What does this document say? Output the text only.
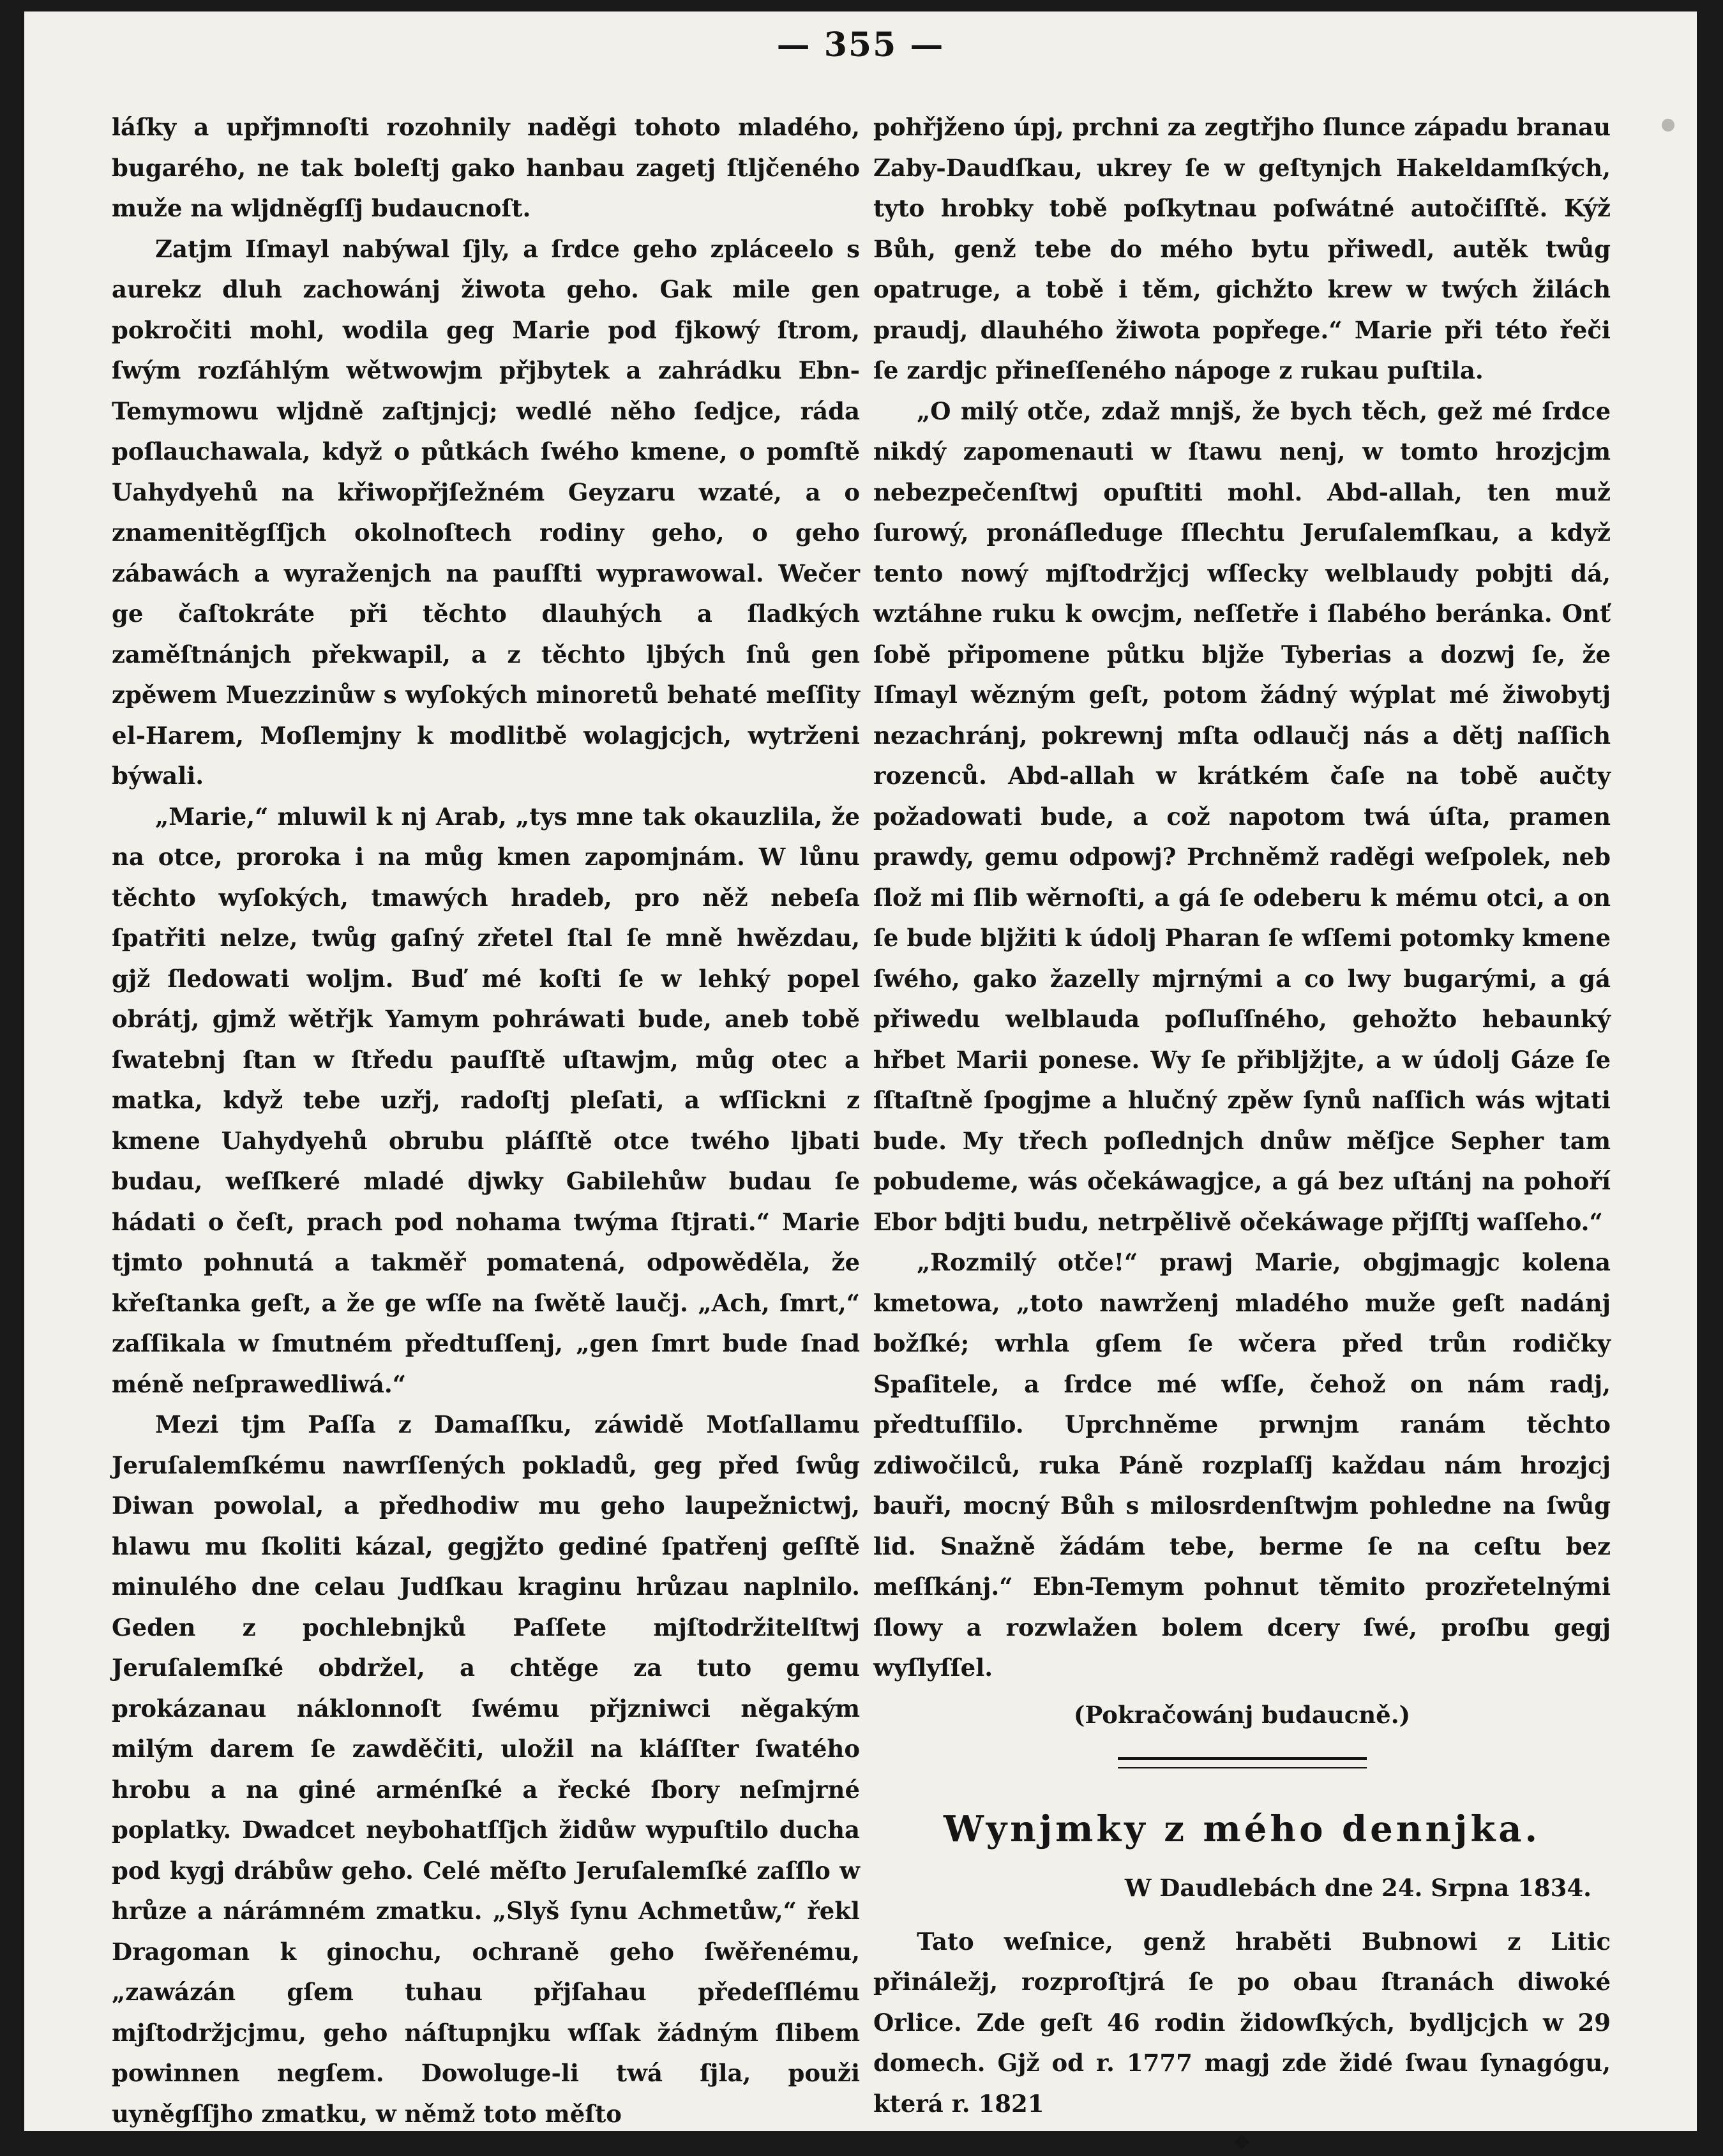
— 355 —

láſky a upřjmnoſti rozohnily naděgi tohoto mladého, bugarého, ne tak boleſtj gako hanbau zagetj ſtljčeného muže na wljdněgſſj budaucnoſt.

Zatjm Iſmayl nabýwal ſjly, a ſrdce geho zpláceelo s aurekz dluh zachowánj žiwota geho. Gak mile gen pokročiti mohl, wodila geg Marie pod fjkowý ſtrom, ſwým rozſáhlým wětwowjm přjbytek a zahrádku Ebn-Temymowu wljdně zaſtjnjcj; wedlé něho ſedjce, ráda poſlauchawala, když o půtkách ſwého kmene, o pomſtě Uahydyehů na křiwopřjſežném Geyzaru wzaté, a o znamenitěgſſjch okolnoſtech rodiny geho, o geho zábawách a wyraženjch na pauſſti wyprawowal. Wečer ge čaſtokráte při těchto dlauhých a ſladkých zaměſtnánjch překwapil, a z těchto ljbých ſnů gen zpěwem Muezzinůw s wyſokých minoretů behaté meſſity el-Harem, Moſlemjny k modlitbě wolagjcjch, wytrženi býwali.

„Marie,“ mluwil k nj Arab, „tys mne tak okauzlila, že na otce, proroka i na můg kmen zapomjnám. W lůnu těchto wyſokých, tmawých hradeb, pro něž nebeſa ſpatřiti nelze, twůg gaſný zřetel ſtal ſe mně hwězdau, gjž ſledowati woljm. Buď mé koſti ſe w lehký popel obrátj, gjmž wětřjk Yamym pohráwati bude, aneb tobě ſwatebnj ſtan w ſtředu pauſſtě uſtawjm, můg otec a matka, když tebe uzřj, radoſtj pleſati, a wſſickni z kmene Uahydyehů obrubu pláſſtě otce twého ljbati budau, weſſkeré mladé djwky Gabilehůw budau ſe hádati o čeſt, prach pod nohama twýma ſtjrati.“ Marie tjmto pohnutá a takměř pomatená, odpowěděla, že křeſtanka geſt, a že ge wſſe na ſwětě laučj. „Ach, ſmrt,“ zaſſikala w ſmutném předtuſſenj, „gen ſmrt bude ſnad méně neſprawedliwá.“

Mezi tjm Paſſa z Damaſſku, záwidě Motſallamu Jeruſalemſkému nawrſſených pokladů, geg před ſwůg Diwan powolal, a předhodiw mu geho laupežnictwj, hlawu mu ſkoliti kázal, gegjžto gediné ſpatřenj geſſtě minulého dne celau Judſkau kraginu hrůzau naplnilo. Geden z pochlebnjků Paſſete mjſtodržitelſtwj Jeruſalemſké obdržel, a chtěge za tuto gemu prokázanau náklonnoſt ſwému přjzniwci něgakým milým darem ſe zawděčiti, uložil na kláſſter ſwatého hrobu a na giné arménſké a řecké ſbory neſmjrné poplatky. Dwadcet neybohatſſjch židůw wypuſtilo ducha pod kygj drábůw geho. Celé měſto Jeruſalemſké zaſſlo w hrůze a nárámném zmatku. „Slyš ſynu Achmetůw,“ řekl Dragoman k ginochu, ochraně geho ſwěřenému, „zawázán gſem tuhau přjſahau předeſſlému mjſtodržjcjmu, geho náſtupnjku wſſak žádným ſlibem powinnen negſem. Dowoluge-li twá ſjla, použi uyněgſſjho zmatku, w němž toto měſto

pohřjženo úpj, prchni za zegtřjho ſlunce západu branau Zaby-Daudſkau, ukrey ſe w geſtynjch Hakeldamſkých, tyto hrobky tobě poſkytnau poſwátné autočiſſtě. Kýž Bůh, genž tebe do mého bytu přiwedl, autěk twůg opatruge, a tobě i těm, gichžto krew w twých žilách praudj, dlauhého žiwota popřege.“ Marie při této řeči ſe zardjc přineſſeného nápoge z rukau puſtila.

„O milý otče, zdaž mnjš, že bych těch, gež mé ſrdce nikdý zapomenauti w ſtawu nenj, w tomto hrozjcjm nebezpečenſtwj opuſtiti mohl. Abd-allah, ten muž ſurowý, pronáſleduge ſſlechtu Jeruſalemſkau, a když tento nowý mjſtodržjcj wſſecky welblaudy pobjti dá, wztáhne ruku k owcjm, neſſetře i ſlabého beránka. Onť ſobě připomene půtku bljže Tyberias a dozwj ſe, že Iſmayl wězným geſt, potom žádný wýplat mé žiwobytj nezachránj, pokrewnj mſta odlaučj nás a dětj naſſich rozenců. Abd-allah w krátkém čaſe na tobě aučty požadowati bude, a což napotom twá úſta, pramen prawdy, gemu odpowj? Prchněmž raděgi weſpolek, neb ſlož mi ſlib wěrnoſti, a gá ſe odeberu k mému otci, a on ſe bude bljžiti k údolj Pharan ſe wſſemi potomky kmene ſwého, gako žazelly mjrnými a co lwy bugarými, a gá přiwedu welblauda poſluſſného, gehožto hebaunký hřbet Marii ponese. Wy ſe přibljžjte, a w údolj Gáze ſe ſſtaſtně ſpogjme a hlučný zpěw ſynů naſſich wás wjtati bude. My třech poſlednjch dnůw měſjce Sepher tam pobudeme, wás očekáwagjce, a gá bez uſtánj na pohoří Ebor bdjti budu, netrpělivě očekáwage přjſſtj waſſeho.“

„Rozmilý otče!“ prawj Marie, obgjmagjc kolena kmetowa, „toto nawrženj mladého muže geſt nadánj božſké; wrhla gſem ſe wčera před trůn rodičky Spaſitele, a ſrdce mé wſſe, čehož on nám radj, předtuſſilo. Uprchněme prwnjm ranám těchto zdiwočilců, ruka Páně rozplaſſj každau nám hrozjcj bauři, mocný Bůh s milosrdenſtwjm pohledne na ſwůg lid. Snažně žádám tebe, berme ſe na ceſtu bez meſſkánj.“ Ebn-Temym pohnut těmito prozřetelnými ſlowy a rozwlažen bolem dcery ſwé, proſbu gegj wyſlyſſel.

(Pokračowánj budaucně.)

Wynjmky z mého dennjka.
W Daudlebách dne 24. Srpna 1834.

Tato weſnice, genž hraběti Bubnowi z Litic přináležj, rozproſtjrá ſe po obau ſtranách diwoké Orlice. Zde geſt 46 rodin židowſkých, bydljcjch w 29 domech. Gjž od r. 1777 magj zde židé ſwau ſynagógu, která r. 1821

❖
